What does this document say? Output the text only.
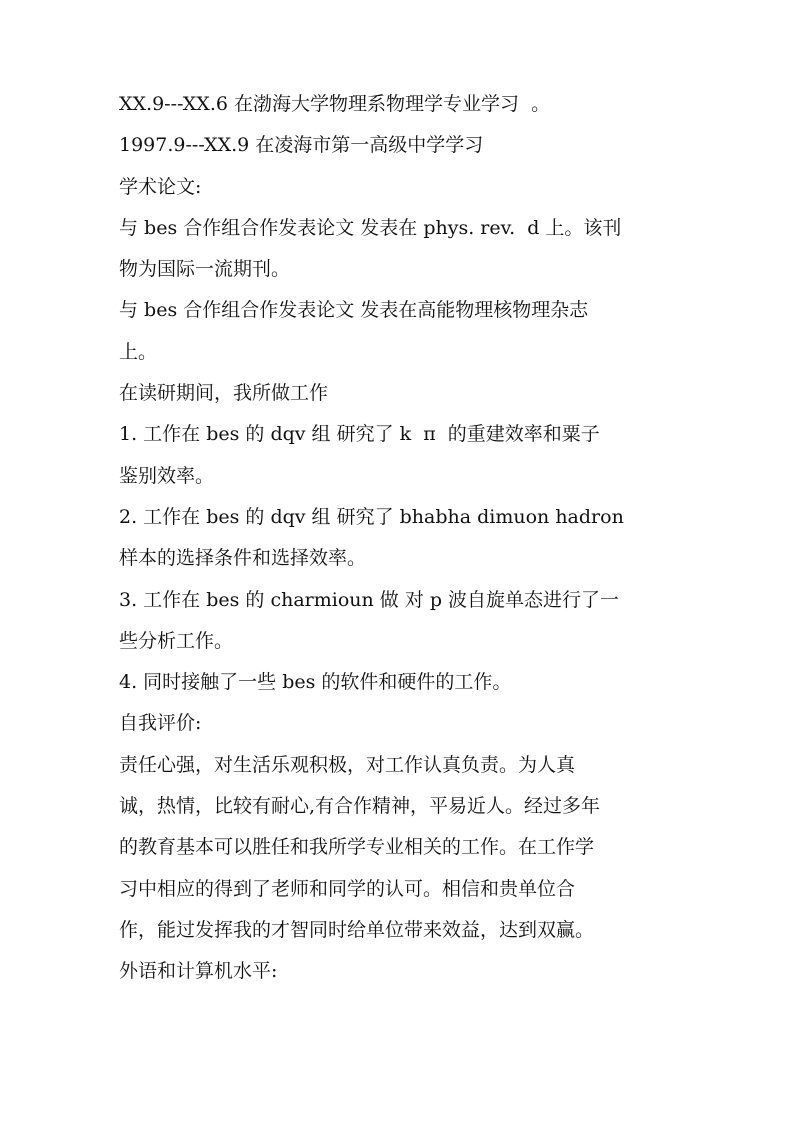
XX.9---XX.6 在渤海大学物理系物理学专业学习  。
1997.9---XX.9 在凌海市第一高级中学学习
学术论文:
与 bes 合作组合作发表论文 发表在 phys. rev.  d 上。该刊
物为国际一流期刊。
与 bes 合作组合作发表论文 发表在高能物理核物理杂志
上。
在读研期间，我所做工作
1. 工作在 bes 的 dqv 组 研究了 k  π  的重建效率和粟子
鉴别效率。
2. 工作在 bes 的 dqv 组 研究了 bhabha dimuon hadron
样本的选择条件和选择效率。
3. 工作在 bes 的 charmioun 做 对 p 波自旋单态进行了一
些分析工作。
4. 同时接触了一些 bes 的软件和硬件的工作。
自我评价:
责任心强，对生活乐观积极，对工作认真负责。为人真
诚，热情，比较有耐心,有合作精神，平易近人。经过多年
的教育基本可以胜任和我所学专业相关的工作。在工作学
习中相应的得到了老师和同学的认可。相信和贵单位合
作，能过发挥我的才智同时给单位带来效益，达到双赢。
外语和计算机水平:
